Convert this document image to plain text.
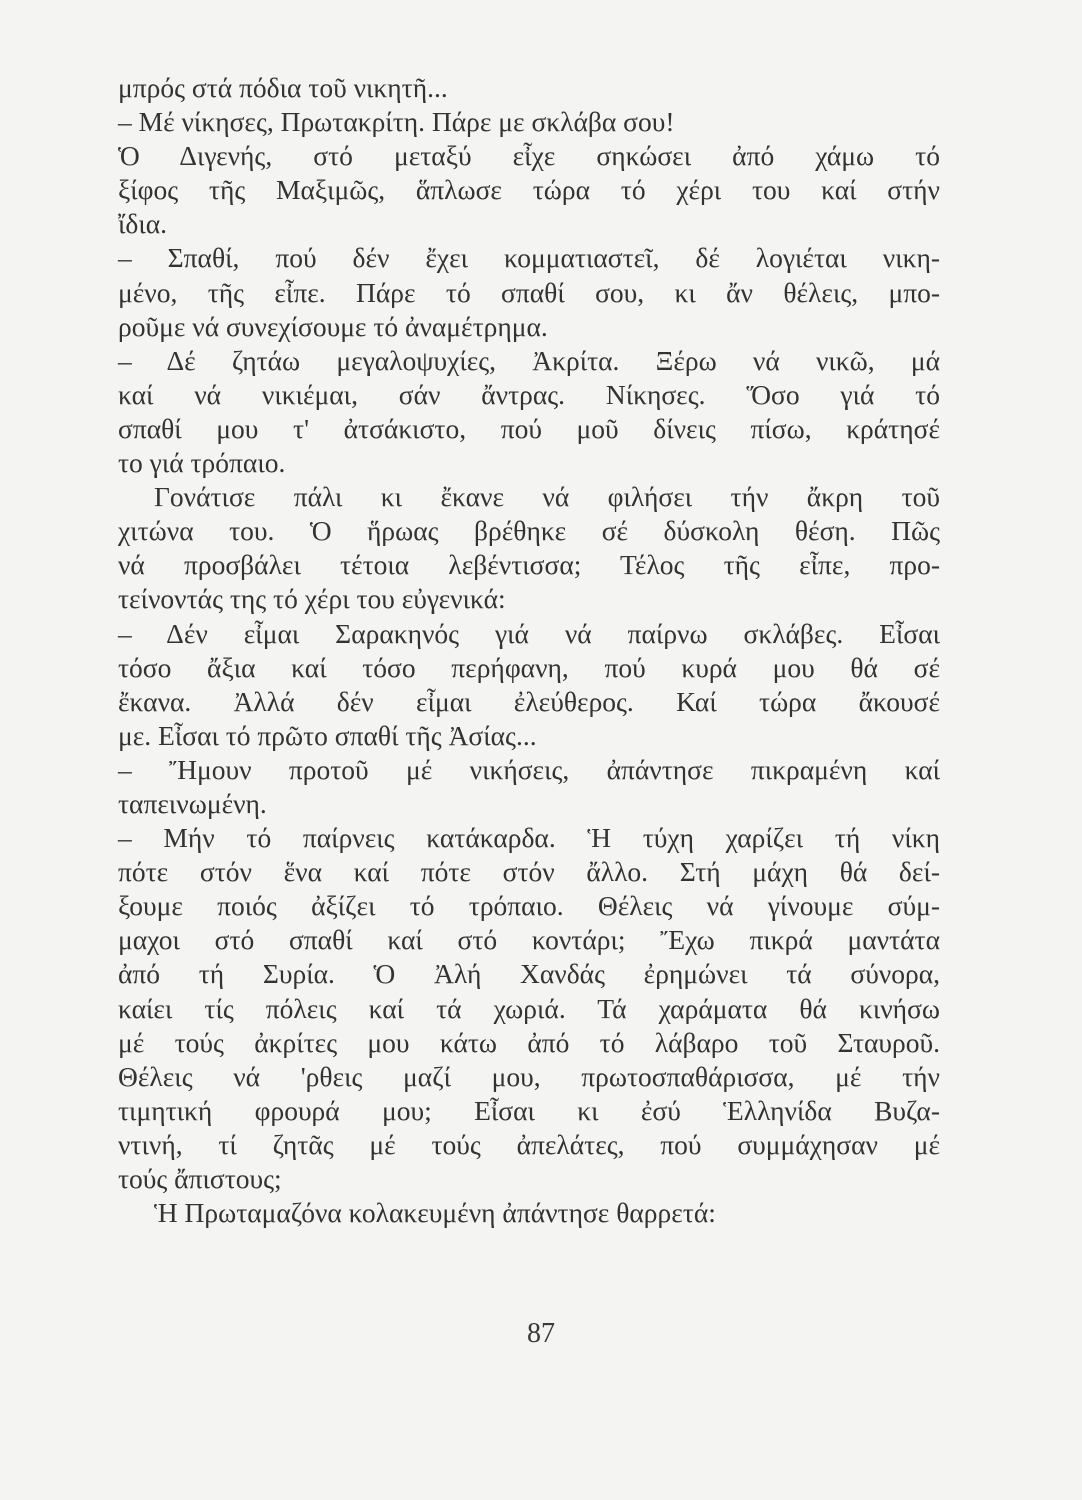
μπρός στά πόδια τοῦ νικητῆ...
– Μέ νίκησες, Πρωτακρίτη. Πάρε με σκλάβα σου!
Ὁ Διγενής, στό μεταξύ εἶχε σηκώσει ἀπό χάμω τό
ξίφος τῆς Μαξιμῶς, ἅπλωσε τώρα τό χέρι του καί στήν
ἴδια.
– Σπαθί, πού δέν ἔχει κομματιαστεῖ, δέ λογιέται νικη-
μένο, τῆς εἶπε. Πάρε τό σπαθί σου, κι ἄν θέλεις, μπο-
ροῦμε νά συνεχίσουμε τό ἀναμέτρημα.
– Δέ ζητάω μεγαλοψυχίες, Ἀκρίτα. Ξέρω νά νικῶ, μά
καί νά νικιέμαι, σάν ἄντρας. Νίκησες. Ὅσο γιά τό
σπαθί μου τ' ἀτσάκιστο, πού μοῦ δίνεις πίσω, κράτησέ
το γιά τρόπαιο.
Γονάτισε πάλι κι ἔκανε νά φιλήσει τήν ἄκρη τοῦ
χιτώνα του. Ὁ ἥρωας βρέθηκε σέ δύσκολη θέση. Πῶς
νά προσβάλει τέτοια λεβέντισσα; Τέλος τῆς εἶπε, προ-
τείνοντάς της τό χέρι του εὐγενικά:
– Δέν εἶμαι Σαρακηνός γιά νά παίρνω σκλάβες. Εἶσαι
τόσο ἄξια καί τόσο περήφανη, πού κυρά μου θά σέ
ἔκανα. Ἀλλά δέν εἶμαι ἐλεύθερος. Καί τώρα ἄκουσέ
με. Εἶσαι τό πρῶτο σπαθί τῆς Ἀσίας...
– Ἤμουν προτοῦ μέ νικήσεις, ἀπάντησε πικραμένη καί
ταπεινωμένη.
– Μήν τό παίρνεις κατάκαρδα. Ἡ τύχη χαρίζει τή νίκη
πότε στόν ἕνα καί πότε στόν ἄλλο. Στή μάχη θά δεί-
ξουμε ποιός ἀξίζει τό τρόπαιο. Θέλεις νά γίνουμε σύμ-
μαχοι στό σπαθί καί στό κοντάρι; Ἔχω πικρά μαντάτα
ἀπό τή Συρία. Ὁ Ἀλή Χανδάς ἐρημώνει τά σύνορα,
καίει τίς πόλεις καί τά χωριά. Τά χαράματα θά κινήσω
μέ τούς ἀκρίτες μου κάτω ἀπό τό λάβαρο τοῦ Σταυροῦ.
Θέλεις νά 'ρθεις μαζί μου, πρωτοσπαθάρισσα, μέ τήν
τιμητική φρουρά μου; Εἶσαι κι ἐσύ Ἑλληνίδα Βυζα-
ντινή, τί ζητᾶς μέ τούς ἀπελάτες, πού συμμάχησαν μέ
τούς ἄπιστους;
Ἡ Πρωταμαζόνα κολακευμένη ἀπάντησε θαρρετά:
87
